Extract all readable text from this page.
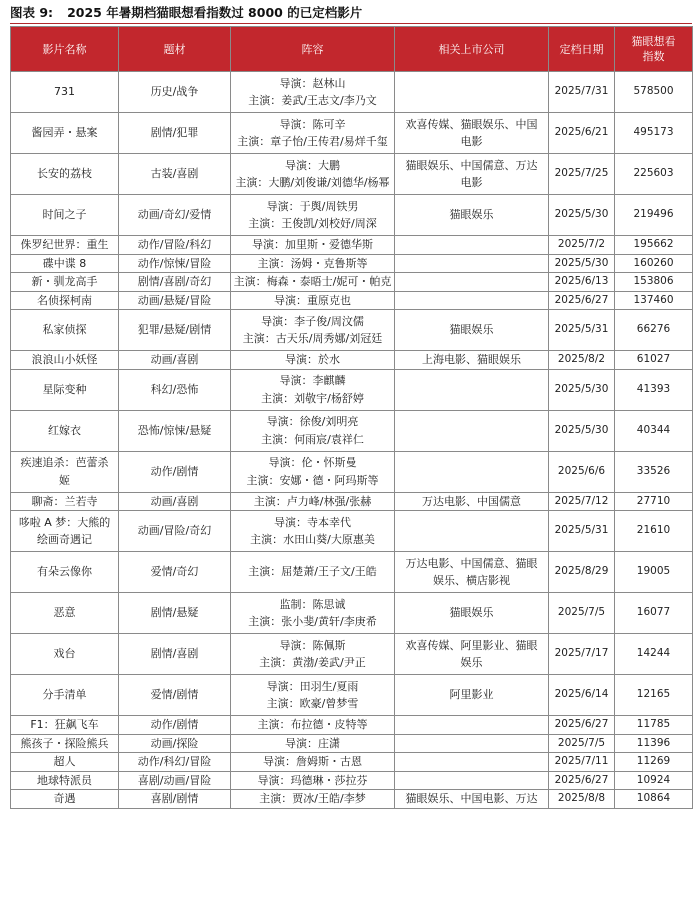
图表 9: 2025 年暑期档猫眼想看指数过 8000 的已定档影片
影片名称	题材	阵容	相关上市公司	定档日期	猫眼想看指数

731	历史/战争	导演：赵林山
主演：姜武/王志文/李乃文		2025/7/31	578500

酱园弄・悬案	剧情/犯罪	导演：陈可辛
主演：章子怡/王传君/易烊千玺	欢喜传媒、猫眼娱乐、中国
电影	2025/6/21	495173

长安的荔枝	古装/喜剧	导演：大鹏
主演：大鹏/刘俊谦/刘德华/杨幂	猫眼娱乐、中国儒意、万达
电影	2025/7/25	225603

时间之子	动画/奇幻/爱情	导演：于舆/周铁男
主演：王俊凯/刘校妤/周深	猫眼娱乐	2025/5/30	219496

侏罗纪世界：重生	动作/冒险/科幻	导演：加里斯・爱德华斯		2025/7/2	195662

碟中谍 8	动作/惊悚/冒险	主演：汤姆・克鲁斯等		2025/5/30	160260

新・驯龙高手	剧情/喜剧/奇幻	主演：梅森・泰晤士/妮可・帕克		2025/6/13	153806

名侦探柯南	动画/悬疑/冒险	导演：重原克也		2025/6/27	137460

私家侦探	犯罪/悬疑/剧情	导演：李子俊/周汶儒
主演：古天乐/周秀娜/刘冠廷	猫眼娱乐	2025/5/31	66276

浪浪山小妖怪	动画/喜剧	导演：於水	上海电影、猫眼娱乐	2025/8/2	61027

星际变种	科幻/恐怖	导演：李麒麟
主演：刘敬宇/杨舒婷		2025/5/30	41393

红嫁衣	恐怖/惊悚/悬疑	导演：徐俊/刘明亮
主演：何雨宸/袁祥仁		2025/5/30	40344

疾速追杀：芭蕾杀
姬	动作/剧情	导演：伦・怀斯曼
主演：安娜・德・阿玛斯等		2025/6/6	33526

聊斋：兰若寺	动画/喜剧	主演：卢力峰/林强/张赫	万达电影、中国儒意	2025/7/12	27710

哆啦 A 梦：大熊的
绘画奇遇记	动画/冒险/奇幻	导演：寺本幸代
主演：水田山葵/大原惠美		2025/5/31	21610

有朵云像你	爱情/奇幻	主演：屈楚萧/王子文/王皓	万达电影、中国儒意、猫眼
娱乐、横店影视	2025/8/29	19005

恶意	剧情/悬疑	监制：陈思诚
主演：张小斐/黄轩/李庚希	猫眼娱乐	2025/7/5	16077

戏台	剧情/喜剧	导演：陈佩斯
主演：黄渤/姜武/尹正	欢喜传媒、阿里影业、猫眼
娱乐	2025/7/17	14244

分手清单	爱情/剧情	导演：田羽生/夏雨
主演：欧豪/曾梦雪	阿里影业	2025/6/14	12165

F1：狂飙飞车	动作/剧情	主演：布拉德・皮特等		2025/6/27	11785

熊孩子・探险熊兵	动画/探险	导演：庄潇		2025/7/5	11396

超人	动作/科幻/冒险	导演：詹姆斯・古恩		2025/7/11	11269

地球特派员	喜剧/动画/冒险	导演：玛德琳・莎拉芬		2025/6/27	10924

奇遇	喜剧/剧情	主演：贾冰/王皓/李梦	猫眼娱乐、中国电影、万达	2025/8/8	10864
